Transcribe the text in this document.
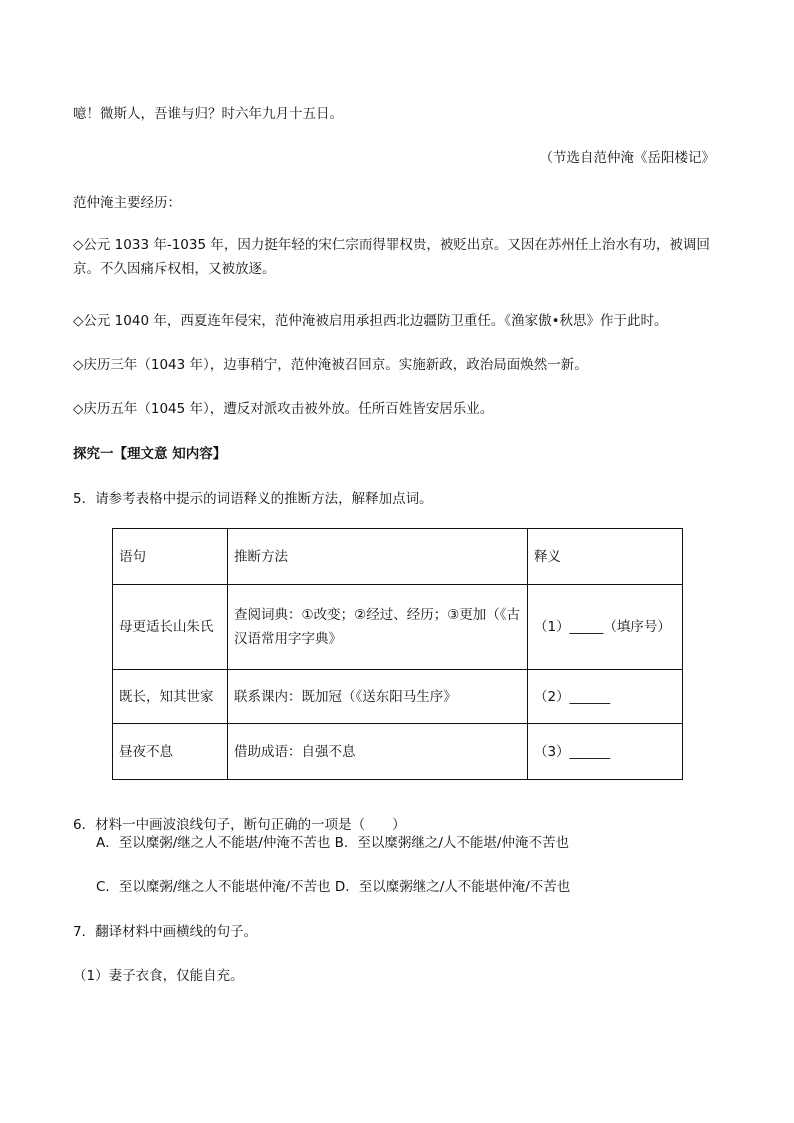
噫！微斯人，吾谁与归？时六年九月十五日。
（节选自范仲淹《岳阳楼记》
范仲淹主要经历：
◇公元 1033 年-1035 年，因力挺年轻的宋仁宗而得罪权贵，被贬出京。又因在苏州任上治水有功，被调回京。不久因痛斥权相，又被放逐。
◇公元 1040 年，西夏连年侵宋，范仲淹被启用承担西北边疆防卫重任。《渔家傲•秋思》作于此时。
◇庆历三年（1043 年），边事稍宁，范仲淹被召回京。实施新政，政治局面焕然一新。
◇庆历五年（1045 年），遭反对派攻击被外放。任所百姓皆安居乐业。
探究一【理文意 知内容】
5．请参考表格中提示的词语释义的推断方法，解释加点词。
语句	推断方法	释义
母更适长山朱氏	查阅词典：①改变；②经过、经历；③更加（《古汉语常用字字典》	（1）_____（填序号）
既长，知其世家	联系课内：既加冠（《送东阳马生序》	（2）______
昼夜不息	借助成语：自强不息	（3）______
6．材料一中画波浪线句子，断句正确的一项是（　　）
A．至以糜粥/继之人不能堪/仲淹不苦也 B．至以糜粥继之/人不能堪/仲淹不苦也
C．至以糜粥/继之人不能堪仲淹/不苦也 D．至以糜粥继之/人不能堪仲淹/不苦也
7．翻译材料中画横线的句子。
（1）妻子衣食，仅能自充。
